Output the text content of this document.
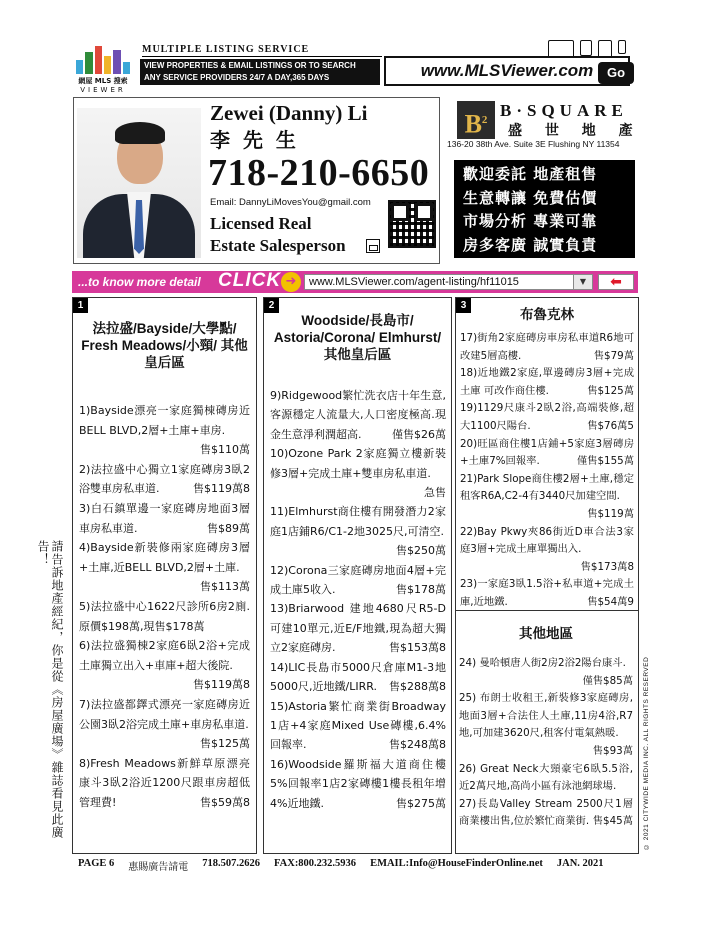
網屋 MLS 搜索
VIEWER
MULTIPLE LISTING SERVICE
VIEW PROPERTIES & EMAIL LISTINGS OR TO SEARCH
ANY SERVICE PROVIDERS 24/7 A DAY,365 DAYS	www.MLSViewer.com	Go
Zewei (Danny) Li
李 先 生
718-210-6650
Email: DannyLiMovesYou@gmail.com
Licensed Real
Estate Salesperson
$B^2$ B·SQUARE
盛 世 地 產
136-20 38th Ave. Suite 3E Flushing NY 11354
歡迎委託 地產租售
生意轉讓 免費估價
市場分析 專業可靠
房多客廣 誠實負責
...to know more detail CLICK ➜	www.MLSViewer.com/agent-listing/hf11015	▼	⬅
1
法拉盛/Bayside/大學點/ Fresh Meadows/小頸/ 其他皇后區
1)Bayside漂亮一家庭獨棟磚房近BELL BLVD,2層+土庫+車房.
售$110萬
2)法拉盛中心獨立1家庭磚房3臥2浴雙車房私車道.	售$119萬8
3)白石鎮單邊一家庭磚房地面3層車房私車道.	售$89萬
4)Bayside新裝修兩家庭磚房3層+土庫,近BELL BLVD,2層+土庫.
售$113萬
5)法拉盛中心1622尺診所6房2廁. 原價$198萬,現售$178萬
6)法拉盛獨棟2家庭6臥2浴+完成土庫獨立出入+車庫+超大後院.
售$119萬8
7)法拉盛都鐸式漂亮一家庭磚房近公園3臥2浴完成土庫+車房私車道.
售$125萬
8)Fresh Meadows新鮮草原漂亮康斗3臥2浴近1200尺跟車房超低管理費!	售$59萬8
2
Woodside/長島市/ Astoria/Corona/ Elmhurst/其他皇后區
9)Ridgewood繁忙洗衣店十年生意,客源穩定人流量大,人口密度極高.現金生意淨利潤超高.	僅售$26萬
10)Ozone Park 2家庭獨立樓新裝修3層+完成土庫+雙車房私車道.
急售
11)Elmhurst商住樓有開發潛力2家庭1店鋪R6/C1-2地3025尺,可清空.
售$250萬
12)Corona三家庭磚房地面4層+完成土庫5收入.	售$178萬
13)Briarwood 建地4680尺R5-D可建10單元,近E/F地鐵,現為超大獨立2家庭磚房.	售$153萬8
14)LIC長島市5000尺倉庫M1-3地5000尺,近地鐵/LIRR. 售$288萬8
15)Astoria繁忙商業街Broadway 1店+4家庭Mixed Use磚樓,6.4%回報率.	售$248萬8
16)Woodside羅斯福大道商住樓5%回報率1店2家磚樓1樓長租年增4%近地鐵.	售$275萬
3
布魯克林
17)街角2家庭磚房車房私車道R6地可改建5層高樓.	售$79萬
18)近地鐵2家庭,單邊磚房3層+完成土庫 可改作商住樓.	售$125萬
19)1129尺康斗2臥2浴,高端裝修,超大1100尺陽台.	售$76萬5
20)旺區商住樓1店鋪+5家庭3層磚房+土庫7%回報率.	僅售$155萬
21)Park Slope商住樓2層+土庫,穩定租客R6A,C2-4有3440尺加建空間.
售$119萬
22)Bay Pkwy夾86街近D車合法3家庭3層+完成土庫單獨出入.
售$173萬8
23)一家庭3臥1.5浴+私車道+完成土庫,近地鐵.	售$54萬9
其他地區
24) 曼哈頓唐人街2房2浴2陽台康斗.
僅售$85萬
25) 布朗士收租王,新裝修3家庭磚房,地面3層+合法住人土庫,11房4浴,R7地,可加建3620尺,租客付電氣熱暖.
售$93萬
26) Great Neck大頸豪宅6臥5.5浴,近2萬尺地,高尚小區有泳池網球場.
27)長島Valley Stream 2500尺1層商業樓出售,位於繁忙商業街. 售$45萬
請告訴地產經紀，你是從《房屋廣場》雜誌看見此廣告！
© 2021 CITYWIDE MEDIA INC. ALL RIGHTS RESERVED
PAGE 6 惠賜廣告請電 718.507.2626 FAX:800.232.5936 EMAIL:Info@HouseFinderOnline.net JAN. 2021
